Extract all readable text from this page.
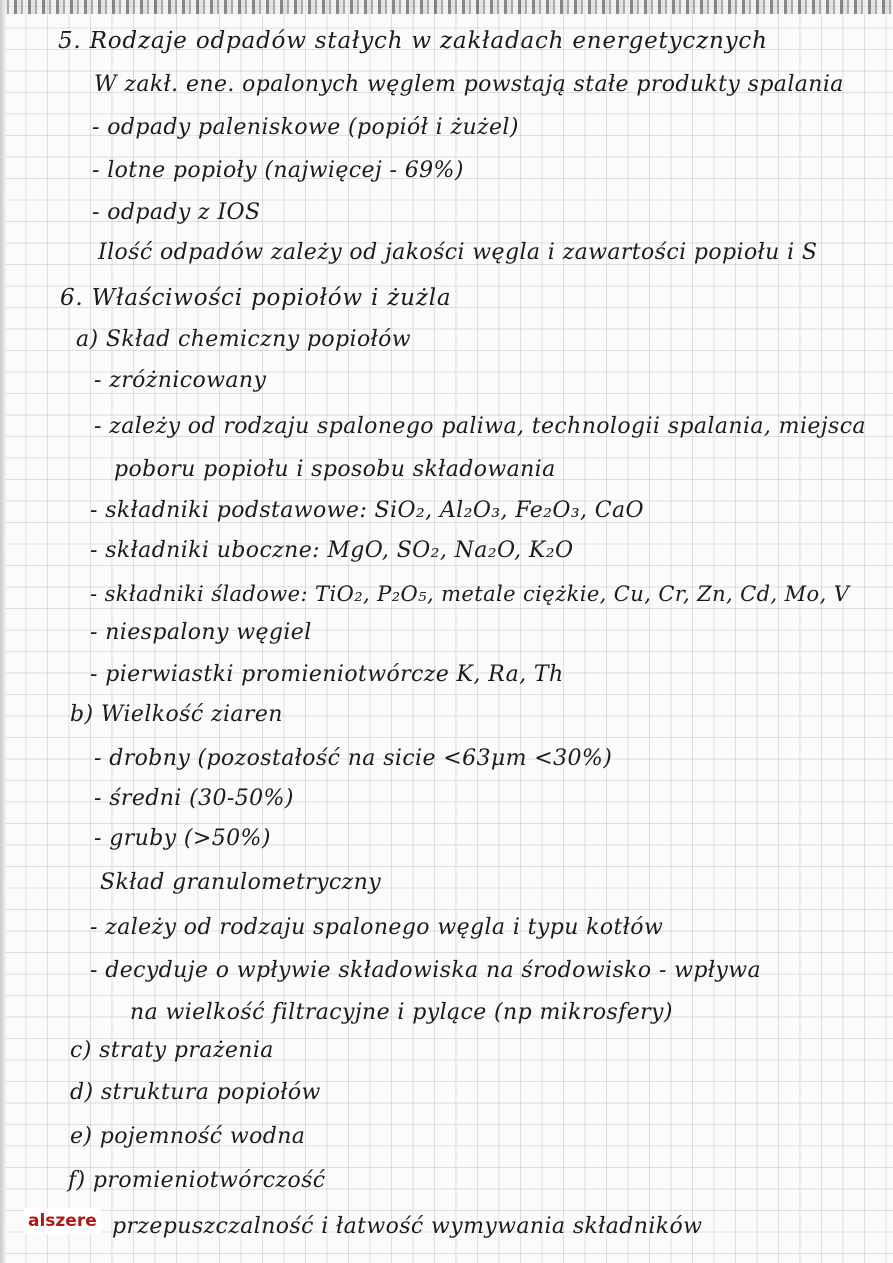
5. Rodzaje odpadów stałych w zakładach energetycznych

W zakł. ene. opalonych węglem powstają stałe produkty spalania

- odpady paleniskowe (popiół i żużel)

- lotne popioły (najwięcej - 69%)

- odpady z IOS

Ilość odpadów zależy od jakości węgla i zawartości popiołu i S

6. Właściwości popiołów i żużla

a) Skład chemiczny popiołów

- zróżnicowany

- zależy od rodzaju spalonego paliwa, technologii spalania, miejsca

poboru popiołu i sposobu składowania

- składniki podstawowe: SiO₂, Al₂O₃, Fe₂O₃, CaO

- składniki uboczne: MgO, SO₂, Na₂O, K₂O

- składniki śladowe: TiO₂, P₂O₅, metale ciężkie, Cu, Cr, Zn, Cd, Mo, V

- niespalony węgiel

- pierwiastki promieniotwórcze K, Ra, Th

b) Wielkość ziaren

- drobny (pozostałość na sicie <63μm <30%)

- średni (30-50%)

- gruby (>50%)

Skład granulometryczny

- zależy od rodzaju spalonego węgla i typu kotłów

- decyduje o wpływie składowiska na środowisko - wpływa

na wielkość filtracyjne i pylące (np mikrosfery)

c) straty prażenia

d) struktura popiołów

e) pojemność wodna

f) promieniotwórczość

przepuszczalność i łatwość wymywania składników

alszere
